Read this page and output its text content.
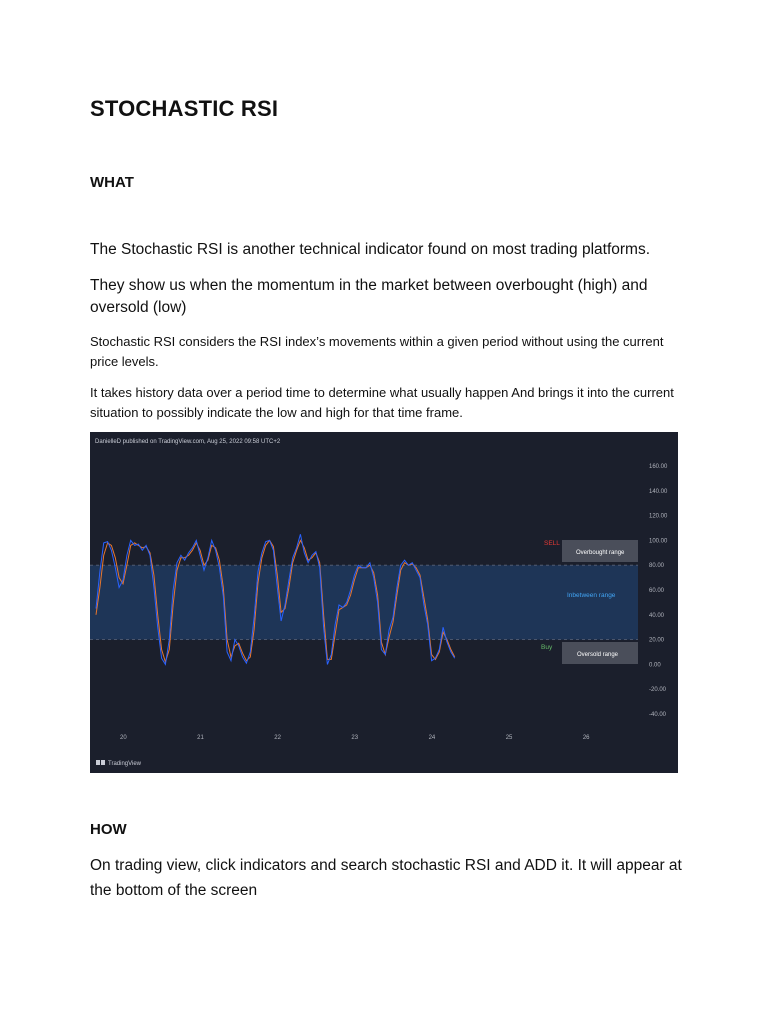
STOCHASTIC RSI
WHAT

The Stochastic RSI is another technical indicator found on most trading platforms.

They show us when the momentum in the market between overbought (high) and oversold (low)

Stochastic RSI considers the RSI index’s movements within a given period without using the current price levels.

It takes history data over a period time to determine what usually happen And brings it into the current situation to possibly indicate the low and high for that time frame.

DanielleD published on TradingView.com, Aug 25, 2022 09:58 UTC+2
160.00
140.00
120.00
100.00
80.00
60.00
40.00
20.00
0.00
-20.00
-40.00
20	21	22	23	24	25	26
SELL
Overbought range
Inbetween range
Buy
Oversold range
TradingView
HOW

On trading view, click indicators and search stochastic RSI and ADD it. It will appear at the bottom of the screen
